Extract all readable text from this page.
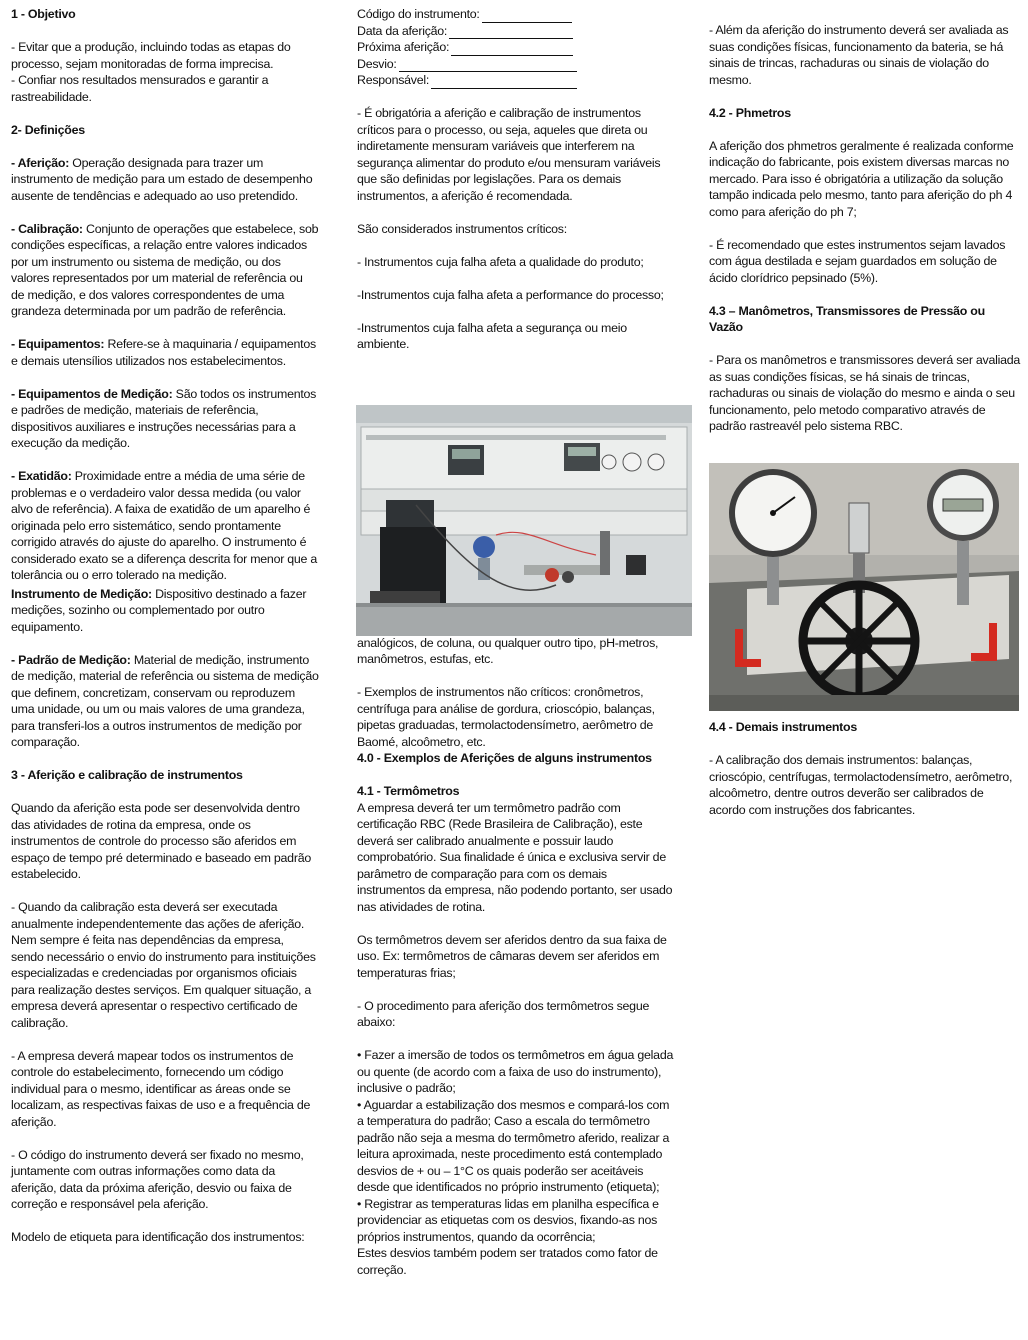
1 - Objetivo

- Evitar que a produção, incluindo todas as etapas do processo, sejam monitoradas de forma imprecisa.

- Confiar nos resultados mensurados e garantir a rastreabilidade.

2- Definições

- Aferição: Operação designada para trazer um instrumento de medição para um estado de desempenho ausente de tendências e adequado ao uso pretendido.

- Calibração: Conjunto de operações que estabelece, sob condições específicas, a relação entre valores indicados por um instrumento ou sistema de medição, ou dos valores representados por um material de referência ou de medição, e dos valores correspondentes de uma grandeza determinada por um padrão de referência.

- Equipamentos: Refere-se à maquinaria / equipamentos e demais utensílios utilizados nos estabelecimentos.

- Equipamentos de Medição: São todos os instrumentos e padrões de medição, materiais de referência, dispositivos auxiliares e instruções necessárias para a execução da medição.

- Exatidão: Proximidade entre a média de uma série de problemas e o verdadeiro valor dessa medida (ou valor alvo de referência). A faixa de exatidão de um aparelho é originada pelo erro sistemático, sendo prontamente corrigido através do ajuste do aparelho. O instrumento é considerado exato se a diferença descrita for menor que a tolerância ou o erro tolerado na medição.

Instrumento de Medição: Dispositivo destinado a fazer medições, sozinho ou complementado por outro equipamento.

- Padrão de Medição: Material de medição, instrumento de medição, material de referência ou sistema de medição que definem, concretizam, conservam ou reproduzem uma unidade, ou um ou mais valores de uma grandeza, para transferi-los a outros instrumentos de medição por comparação.

3 - Aferição e calibração de instrumentos

Quando da aferição esta pode ser desenvolvida dentro das atividades de rotina da empresa, onde os instrumentos de controle do processo são aferidos em espaço de tempo pré determinado e baseado em padrão estabelecido.

- Quando da calibração esta deverá ser executada anualmente independentemente das ações de aferição. Nem sempre é feita nas dependências da empresa, sendo necessário o envio do instrumento para instituições especializadas e credenciadas por organismos oficiais para realização destes serviços. Em qualquer situação, a empresa deverá apresentar o respectivo certificado de calibração.

- A empresa deverá mapear todos os instrumentos de controle do estabelecimento, fornecendo um código individual para o mesmo, identificar as áreas onde se localizam, as respectivas faixas de uso e a frequência de aferição.

- O código do instrumento deverá ser fixado no mesmo, juntamente com outras informações como data da aferição, data da próxima aferição, desvio ou faixa de correção e responsável pela aferição.

Modelo de etiqueta para identificação dos instrumentos:

Código do instrumento:
Data da aferição:
Próxima aferição:
Desvio:
Responsável:

- É obrigatória a aferição e calibração de instrumentos críticos para o processo, ou seja, aqueles que direta ou indiretamente mensuram variáveis que interferem na segurança alimentar do produto e/ou mensuram variáveis que são definidas por legislações. Para os demais instrumentos, a aferição é recomendada.

São considerados instrumentos críticos:

- Instrumentos cuja falha afeta a qualidade do produto;

-Instrumentos cuja falha afeta a performance do processo;

-Instrumentos cuja falha afeta a segurança ou meio ambiente.

analógicos, de coluna, ou qualquer outro tipo, pH-metros, manômetros, estufas, etc.

- Exemplos de instrumentos não críticos: cronômetros, centrífuga para análise de gordura, crioscópio, balanças, pipetas graduadas, termolactodensímetro, aerômetro de Baomé, alcoômetro, etc.

4.0 - Exemplos de Aferições de alguns instrumentos

4.1 - Termômetros

A empresa deverá ter um termômetro padrão com certificação RBC (Rede Brasileira de Calibração), este deverá ser calibrado anualmente e possuir laudo comprobatório. Sua finalidade é única e exclusiva servir de parâmetro de comparação para com os demais instrumentos da empresa, não podendo portanto, ser usado nas atividades de rotina.

Os termômetros devem ser aferidos dentro da sua faixa de uso. Ex: termômetros de câmaras devem ser aferidos em temperaturas frias;

- O procedimento para aferição dos termômetros segue abaixo:

• Fazer a imersão de todos os termômetros em água gelada ou quente (de acordo com a faixa de uso do instrumento), inclusive o padrão;

• Aguardar a estabilização dos mesmos e compará-los com a temperatura do padrão; Caso a escala do termômetro padrão não seja a mesma do termômetro aferido, realizar a leitura aproximada, neste procedimento está contemplado desvios de + ou – 1°C os quais poderão ser aceitáveis desde que identificados no próprio instrumento (etiqueta);

• Registrar as temperaturas lidas em planilha específica e providenciar as etiquetas com os desvios, fixando-as nos próprios instrumentos, quando da ocorrência;

Estes desvios também podem ser tratados como fator de correção.

- Além da aferição do instrumento deverá ser avaliada as suas condições físicas, funcionamento da bateria, se há sinais de trincas, rachaduras ou sinais de violação do mesmo.

4.2 - Phmetros

A aferição dos phmetros geralmente é realizada conforme indicação do fabricante, pois existem diversas marcas no mercado. Para isso é obrigatória a utilização da solução tampão indicada pelo mesmo, tanto para aferição do ph 4 como para aferição do ph 7;

- É recomendado que estes instrumentos sejam lavados com água destilada e sejam guardados em solução de ácido clorídrico pepsinado (5%).

4.3 – Manômetros, Transmissores de Pressão ou Vazão

- Para os manômetros e transmissores deverá ser avaliada as suas condições físicas, se há sinais de trincas, rachaduras ou sinais de violação do mesmo e ainda o seu funcionamento, pelo metodo comparativo através de padrão rastreavél pelo sistema RBC.

4.4 - Demais instrumentos

- A calibração dos demais instrumentos: balanças, crioscópio, centrífugas, termolactodensímetro, aerômetro, alcoômetro, dentre outros deverão ser calibrados de acordo com instruções dos fabricantes.
